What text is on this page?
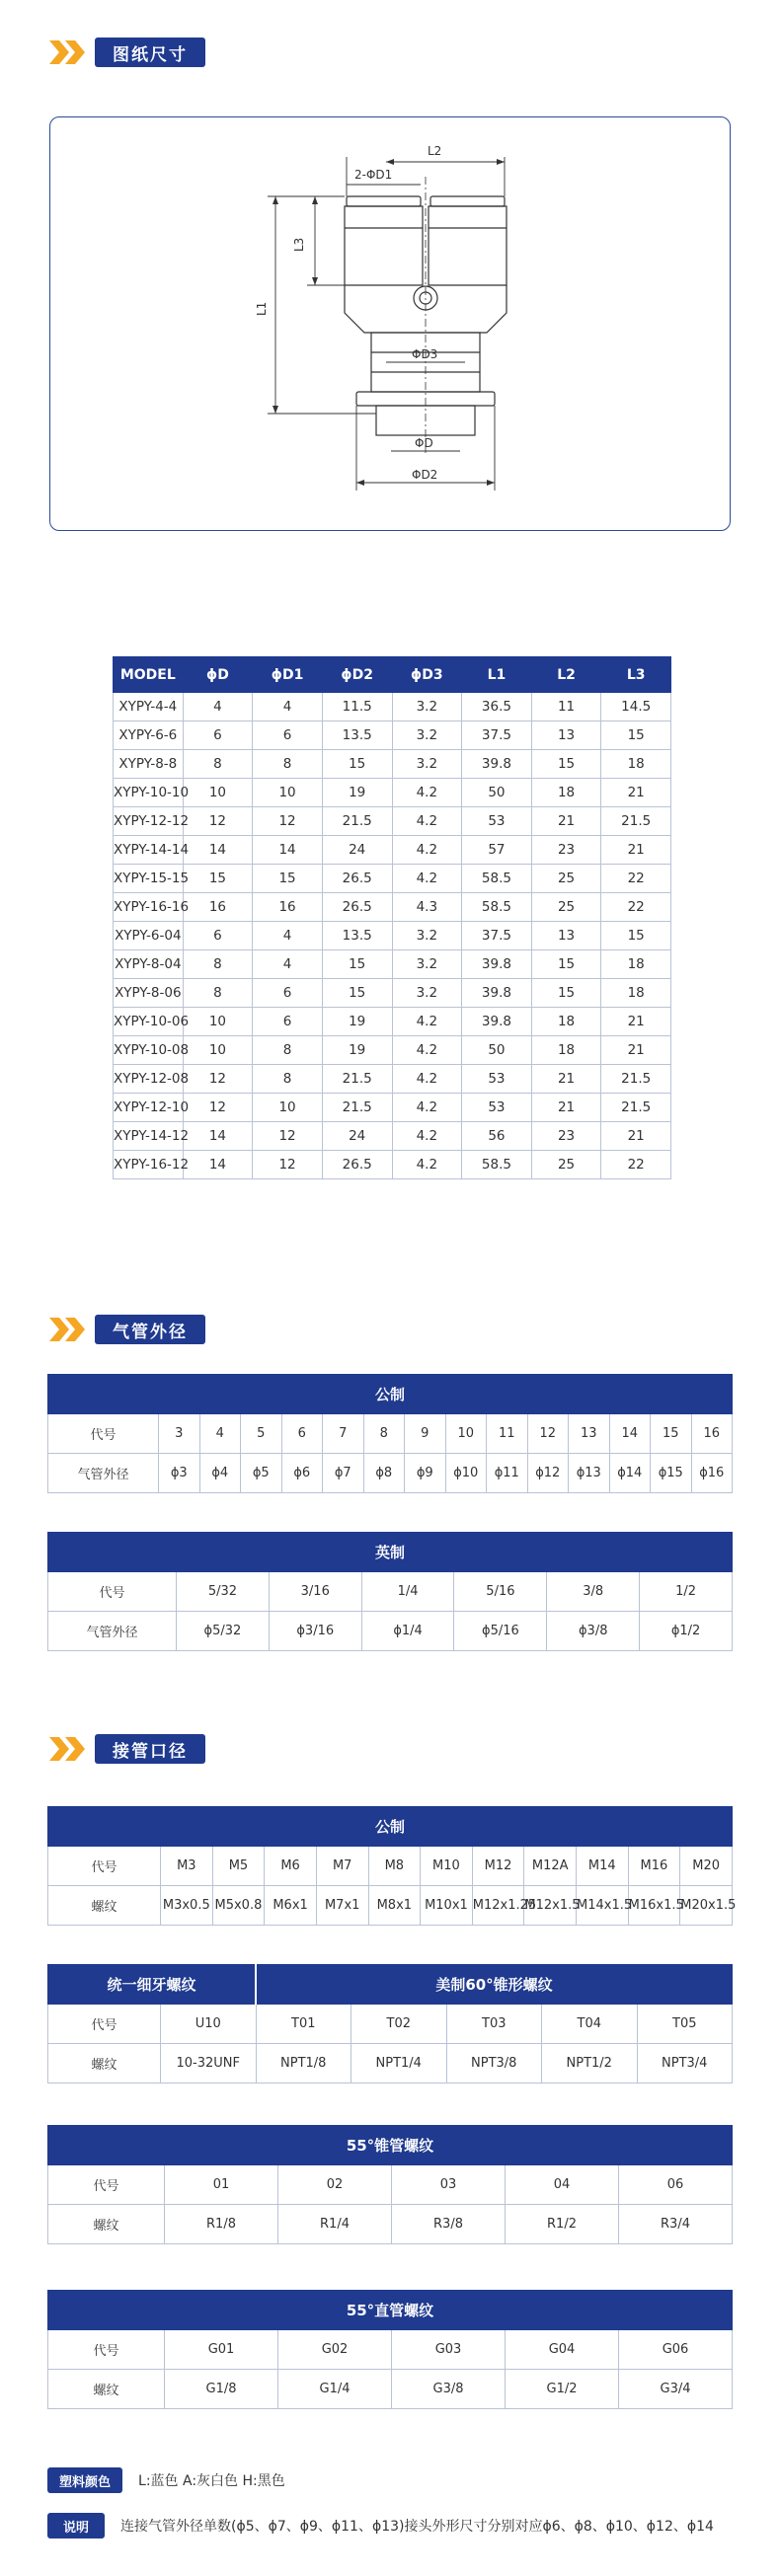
图纸尺寸
L2
2-ΦD1
L3
L1
ΦD3
ΦD
ΦD2
MODEL	ϕD	ϕD1	ϕD2	ϕD3	L1	L2	L3
XYPY-4-4	4	4	11.5	3.2	36.5	11	14.5
XYPY-6-6	6	6	13.5	3.2	37.5	13	15
XYPY-8-8	8	8	15	3.2	39.8	15	18
XYPY-10-10	10	10	19	4.2	50	18	21
XYPY-12-12	12	12	21.5	4.2	53	21	21.5
XYPY-14-14	14	14	24	4.2	57	23	21
XYPY-15-15	15	15	26.5	4.2	58.5	25	22
XYPY-16-16	16	16	26.5	4.3	58.5	25	22
XYPY-6-04	6	4	13.5	3.2	37.5	13	15
XYPY-8-04	8	4	15	3.2	39.8	15	18
XYPY-8-06	8	6	15	3.2	39.8	15	18
XYPY-10-06	10	6	19	4.2	39.8	18	21
XYPY-10-08	10	8	19	4.2	50	18	21
XYPY-12-08	12	8	21.5	4.2	53	21	21.5
XYPY-12-10	12	10	21.5	4.2	53	21	21.5
XYPY-14-12	14	12	24	4.2	56	23	21
XYPY-16-12	14	12	26.5	4.2	58.5	25	22
气管外径
公制														
代号	3	4	5	6	7	8	9	10	11	12	13	14	15	16
气管外径	ϕ3	ϕ4	ϕ5	ϕ6	ϕ7	ϕ8	ϕ9	ϕ10	ϕ11	ϕ12	ϕ13	ϕ14	ϕ15	ϕ16
英制						
代号	5/32	3/16	1/4	5/16	3/8	1/2
气管外径	ϕ5/32	ϕ3/16	ϕ1/4	ϕ5/16	ϕ3/8	ϕ1/2
接管口径
公制											
代号	M3	M5	M6	M7	M8	M10	M12	M12A	M14	M16	M20
螺纹	M3x0.5	M5x0.8	M6x1	M7x1	M8x1	M10x1	M12x1.25	M12x1.5	M14x1.5	M16x1.5	M20x1.5
统一细牙螺纹		美制60°锥形螺纹				
代号	U10	T01	T02	T03	T04	T05
螺纹	10-32UNF	NPT1/8	NPT1/4	NPT3/8	NPT1/2	NPT3/4
55°锥管螺纹					
代号	01	02	03	04	06
螺纹	R1/8	R1/4	R3/8	R1/2	R3/4
55°直管螺纹					
代号	G01	G02	G03	G04	G06
螺纹	G1/8	G1/4	G3/8	G1/2	G3/4
塑料颜色	L:蓝色 A:灰白色 H:黑色
说明	连接气管外径单数(ϕ5、ϕ7、ϕ9、ϕ11、ϕ13)接头外形尺寸分别对应ϕ6、ϕ8、ϕ10、ϕ12、ϕ14
